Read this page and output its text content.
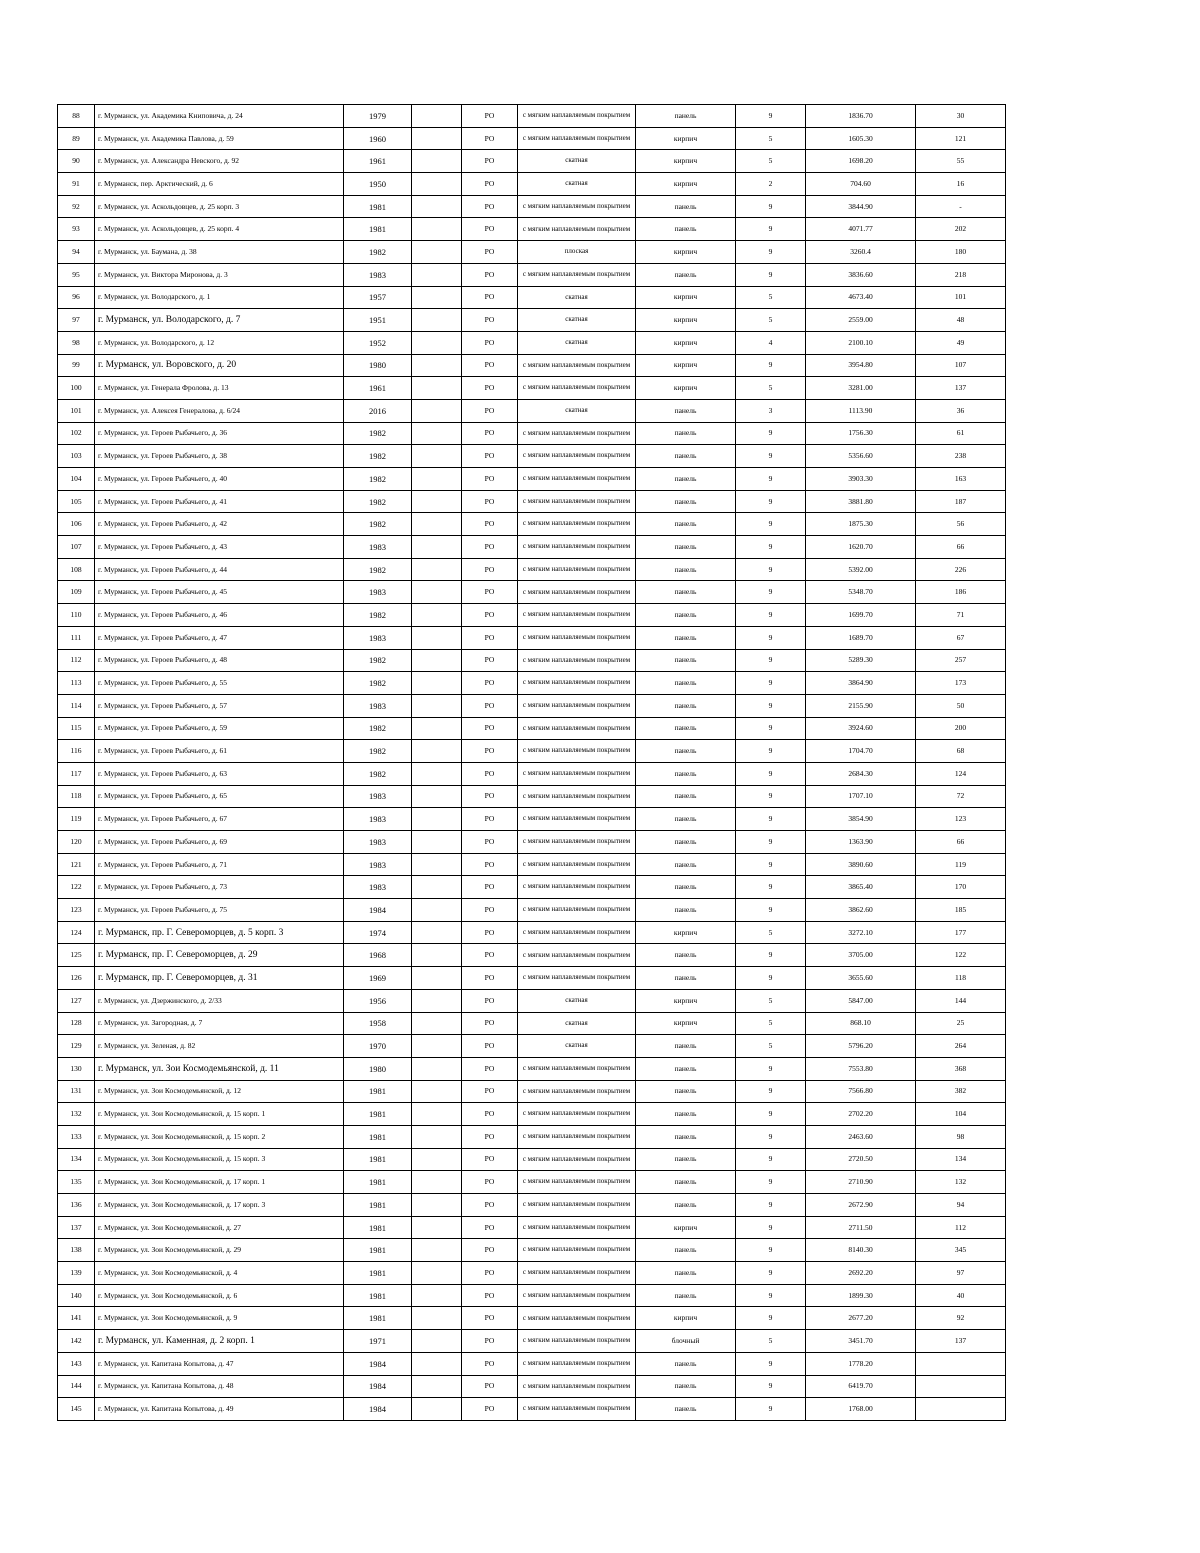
88	г. Мурманск, ул. Академика Книповича, д. 24	1979		РО	с мягким наплавляемым покрытием	панель	9	1836.70	30
89	г. Мурманск, ул. Академика Павлова, д. 59	1960		РО	с мягким наплавляемым покрытием	кирпич	5	1605.30	121
90	г. Мурманск, ул. Александра Невского, д. 92	1961		РО	скатная	кирпич	5	1698.20	55
91	г. Мурманск, пер. Арктический, д. 6	1950		РО	скатная	кирпич	2	704.60	16
92	г. Мурманск, ул. Аскольдовцев, д. 25 корп. 3	1981		РО	с мягким наплавляемым покрытием	панель	9	3844.90	-
93	г. Мурманск, ул. Аскольдовцев, д. 25 корп. 4	1981		РО	с мягким наплавляемым покрытием	панель	9	4071.77	202
94	г. Мурманск, ул. Баумана, д. 38	1982		РО	плоская	кирпич	9	3260.4	180
95	г. Мурманск, ул. Виктора Миронова, д. 3	1983		РО	с мягким наплавляемым покрытием	панель	9	3836.60	218
96	г. Мурманск, ул. Володарского, д. 1	1957		РО	скатная	кирпич	5	4673.40	101
97	г. Мурманск, ул. Володарского, д. 7	1951		РО	скатная	кирпич	5	2559.00	48
98	г. Мурманск, ул. Володарского, д. 12	1952		РО	скатная	кирпич	4	2100.10	49
99	г. Мурманск, ул. Воровского, д. 20	1980		РО	с мягким наплавляемым покрытием	кирпич	9	3954.80	107
100	г. Мурманск, ул. Генерала Фролова, д. 13	1961		РО	с мягким наплавляемым покрытием	кирпич	5	3281.00	137
101	г. Мурманск, ул. Алексея Генералова, д. 6/24	2016		РО	скатная	панель	3	1113.90	36
102	г. Мурманск, ул. Героев Рыбачьего, д. 36	1982		РО	с мягким наплавляемым покрытием	панель	9	1756.30	61
103	г. Мурманск, ул. Героев Рыбачьего, д. 38	1982		РО	с мягким наплавляемым покрытием	панель	9	5356.60	238
104	г. Мурманск, ул. Героев Рыбачьего, д. 40	1982		РО	с мягким наплавляемым покрытием	панель	9	3903.30	163
105	г. Мурманск, ул. Героев Рыбачьего, д. 41	1982		РО	с мягким наплавляемым покрытием	панель	9	3881.80	187
106	г. Мурманск, ул. Героев Рыбачьего, д. 42	1982		РО	с мягким наплавляемым покрытием	панель	9	1875.30	56
107	г. Мурманск, ул. Героев Рыбачьего, д. 43	1983		РО	с мягким наплавляемым покрытием	панель	9	1620.70	66
108	г. Мурманск, ул. Героев Рыбачьего, д. 44	1982		РО	с мягким наплавляемым покрытием	панель	9	5392.00	226
109	г. Мурманск, ул. Героев Рыбачьего, д. 45	1983		РО	с мягким наплавляемым покрытием	панель	9	5348.70	186
110	г. Мурманск, ул. Героев Рыбачьего, д. 46	1982		РО	с мягким наплавляемым покрытием	панель	9	1699.70	71
111	г. Мурманск, ул. Героев Рыбачьего, д. 47	1983		РО	с мягким наплавляемым покрытием	панель	9	1689.70	67
112	г. Мурманск, ул. Героев Рыбачьего, д. 48	1982		РО	с мягким наплавляемым покрытием	панель	9	5289.30	257
113	г. Мурманск, ул. Героев Рыбачьего, д. 55	1982		РО	с мягким наплавляемым покрытием	панель	9	3864.90	173
114	г. Мурманск, ул. Героев Рыбачьего, д. 57	1983		РО	с мягким наплавляемым покрытием	панель	9	2155.90	50
115	г. Мурманск, ул. Героев Рыбачьего, д. 59	1982		РО	с мягким наплавляемым покрытием	панель	9	3924.60	200
116	г. Мурманск, ул. Героев Рыбачьего, д. 61	1982		РО	с мягким наплавляемым покрытием	панель	9	1704.70	68
117	г. Мурманск, ул. Героев Рыбачьего, д. 63	1982		РО	с мягким наплавляемым покрытием	панель	9	2684.30	124
118	г. Мурманск, ул. Героев Рыбачьего, д. 65	1983		РО	с мягким наплавляемым покрытием	панель	9	1707.10	72
119	г. Мурманск, ул. Героев Рыбачьего, д. 67	1983		РО	с мягким наплавляемым покрытием	панель	9	3854.90	123
120	г. Мурманск, ул. Героев Рыбачьего, д. 69	1983		РО	с мягким наплавляемым покрытием	панель	9	1363.90	66
121	г. Мурманск, ул. Героев Рыбачьего, д. 71	1983		РО	с мягким наплавляемым покрытием	панель	9	3890.60	119
122	г. Мурманск, ул. Героев Рыбачьего, д. 73	1983		РО	с мягким наплавляемым покрытием	панель	9	3865.40	170
123	г. Мурманск, ул. Героев Рыбачьего, д. 75	1984		РО	с мягким наплавляемым покрытием	панель	9	3862.60	185
124	г. Мурманск, пр. Г. Североморцев, д. 5 корп. 3	1974		РО	с мягким наплавляемым покрытием	кирпич	5	3272.10	177
125	г. Мурманск, пр. Г. Североморцев, д. 29	1968		РО	с мягким наплавляемым покрытием	панель	9	3705.00	122
126	г. Мурманск, пр. Г. Североморцев, д. 31	1969		РО	с мягким наплавляемым покрытием	панель	9	3655.60	118
127	г. Мурманск, ул. Дзержинского, д. 2/33	1956		РО	скатная	кирпич	5	5847.00	144
128	г. Мурманск, ул. Загородная, д. 7	1958		РО	скатная	кирпич	5	868.10	25
129	г. Мурманск, ул. Зеленая, д. 82	1970		РО	скатная	панель	5	5796.20	264
130	г. Мурманск, ул. Зои Космодемьянской, д. 11	1980		РО	с мягким наплавляемым покрытием	панель	9	7553.80	368
131	г. Мурманск, ул. Зои Космодемьянской, д. 12	1981		РО	с мягким наплавляемым покрытием	панель	9	7566.80	382
132	г. Мурманск, ул. Зои Космодемьянской, д. 15 корп. 1	1981		РО	с мягким наплавляемым покрытием	панель	9	2702.20	104
133	г. Мурманск, ул. Зои Космодемьянской, д. 15 корп. 2	1981		РО	с мягким наплавляемым покрытием	панель	9	2463.60	98
134	г. Мурманск, ул. Зои Космодемьянской, д. 15 корп. 3	1981		РО	с мягким наплавляемым покрытием	панель	9	2720.50	134
135	г. Мурманск, ул. Зои Космодемьянской, д. 17 корп. 1	1981		РО	с мягким наплавляемым покрытием	панель	9	2710.90	132
136	г. Мурманск, ул. Зои Космодемьянской, д. 17 корп. 3	1981		РО	с мягким наплавляемым покрытием	панель	9	2672.90	94
137	г. Мурманск, ул. Зои Космодемьянской, д. 27	1981		РО	с мягким наплавляемым покрытием	кирпич	9	2711.50	112
138	г. Мурманск, ул. Зои Космодемьянской, д. 29	1981		РО	с мягким наплавляемым покрытием	панель	9	8140.30	345
139	г. Мурманск, ул. Зои Космодемьянской, д. 4	1981		РО	с мягким наплавляемым покрытием	панель	9	2692.20	97
140	г. Мурманск, ул. Зои Космодемьянской, д. 6	1981		РО	с мягким наплавляемым покрытием	панель	9	1899.30	40
141	г. Мурманск, ул. Зои Космодемьянской, д. 9	1981		РО	с мягким наплавляемым покрытием	кирпич	9	2677.20	92
142	г. Мурманск, ул. Каменная, д. 2 корп. 1	1971		РО	с мягким наплавляемым покрытием	блочный	5	3451.70	137
143	г. Мурманск, ул. Капитана Копытова, д. 47	1984		РО	с мягким наплавляемым покрытием	панель	9	1778.20	
144	г. Мурманск, ул. Капитана Копытова, д. 48	1984		РО	с мягким наплавляемым покрытием	панель	9	6419.70	
145	г. Мурманск, ул. Капитана Копытова, д. 49	1984		РО	с мягким наплавляемым покрытием	панель	9	1768.00	
